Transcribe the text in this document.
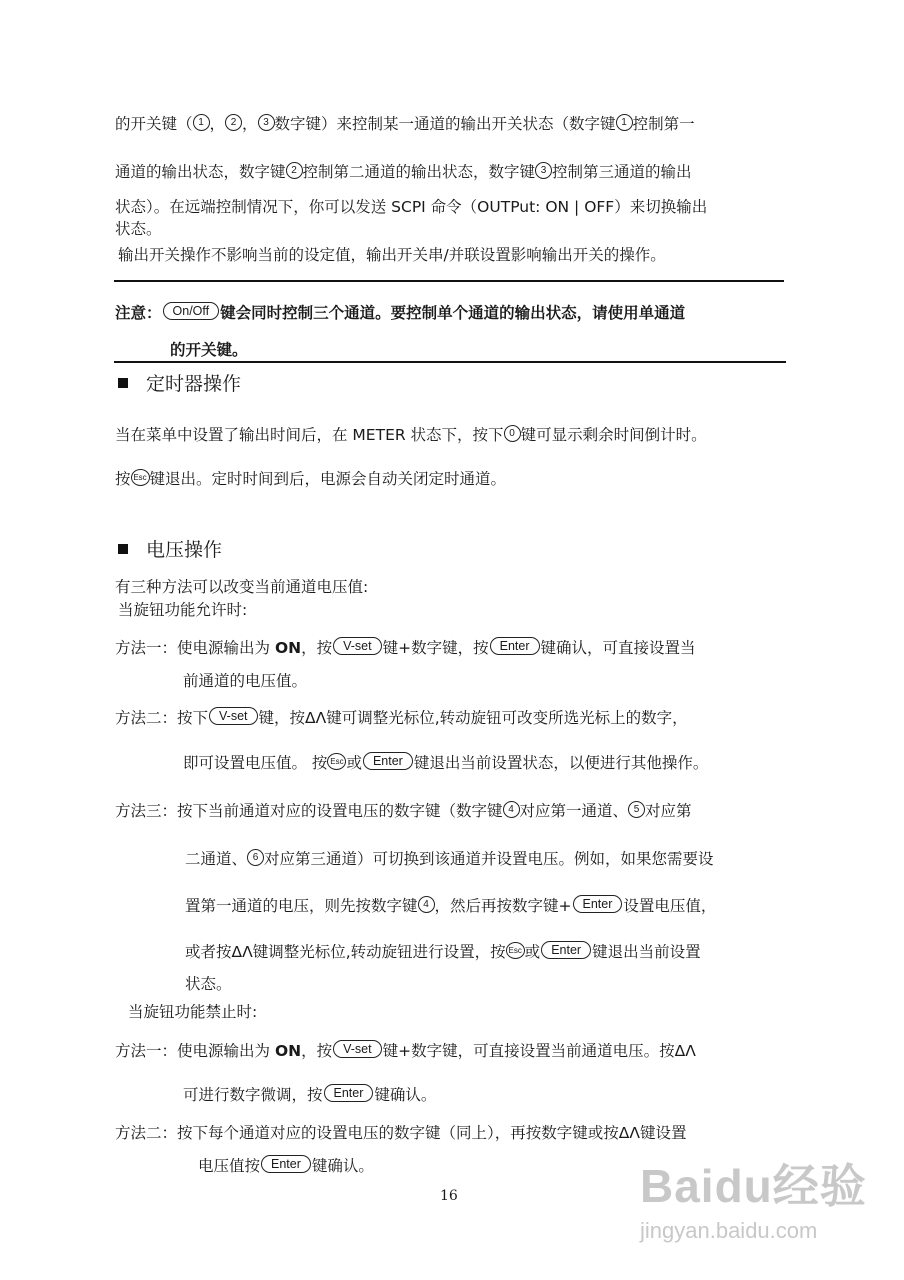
的开关键（ 1 ， 2 ， 3 数字键）来控制某一通道的输出开关状态（数字键 1 控制第一
通道的输出状态，数字键 2 控制第二通道的输出状态，数字键 3 控制第三通道的输出
状态）。在远端控制情况下，你可以发送 SCPI 命令（OUTPut: ON | OFF）来切换输出
状态。
输出开关操作不影响当前的设定值，输出开关串/并联设置影响输出开关的操作。
注意： On/Off 键会同时控制三个通道。要控制单个通道的输出状态，请使用单通道
的开关键。
定时器操作
当在菜单中设置了输出时间后，在 METER 状态下，按下 0 键可显示剩余时间倒计时。
按 Esc 键退出。定时时间到后，电源会自动关闭定时通道。
电压操作
有三种方法可以改变当前通道电压值:
当旋钮功能允许时:
方法一：使电源输出为 ON，按 V-set 键+数字键，按 Enter 键确认，可直接设置当
前通道的电压值。
方法二：按下 V-set 键，按ΔΛ键可调整光标位,转动旋钮可改变所选光标上的数字，
即可设置电压值。 按 Esc 或 Enter 键退出当前设置状态，以便进行其他操作。
方法三：按下当前通道对应的设置电压的数字键（数字键 4 对应第一通道、 5 对应第
二通道、 6 对应第三通道）可切换到该通道并设置电压。例如，如果您需要设
置第一通道的电压，则先按数字键 4 ，然后再按数字键+ Enter 设置电压值，
或者按ΔΛ键调整光标位,转动旋钮进行设置，按 Esc 或 Enter 键退出当前设置
状态。
当旋钮功能禁止时:
方法一：使电源输出为 ON，按 V-set 键+数字键，可直接设置当前通道电压。按ΔΛ
可进行数字微调，按 Enter 键确认。
方法二：按下每个通道对应的设置电压的数字键（同上），再按数字键或按ΔΛ键设置
电压值按 Enter 键确认。
16	Baidu经验
jingyan.baidu.com
